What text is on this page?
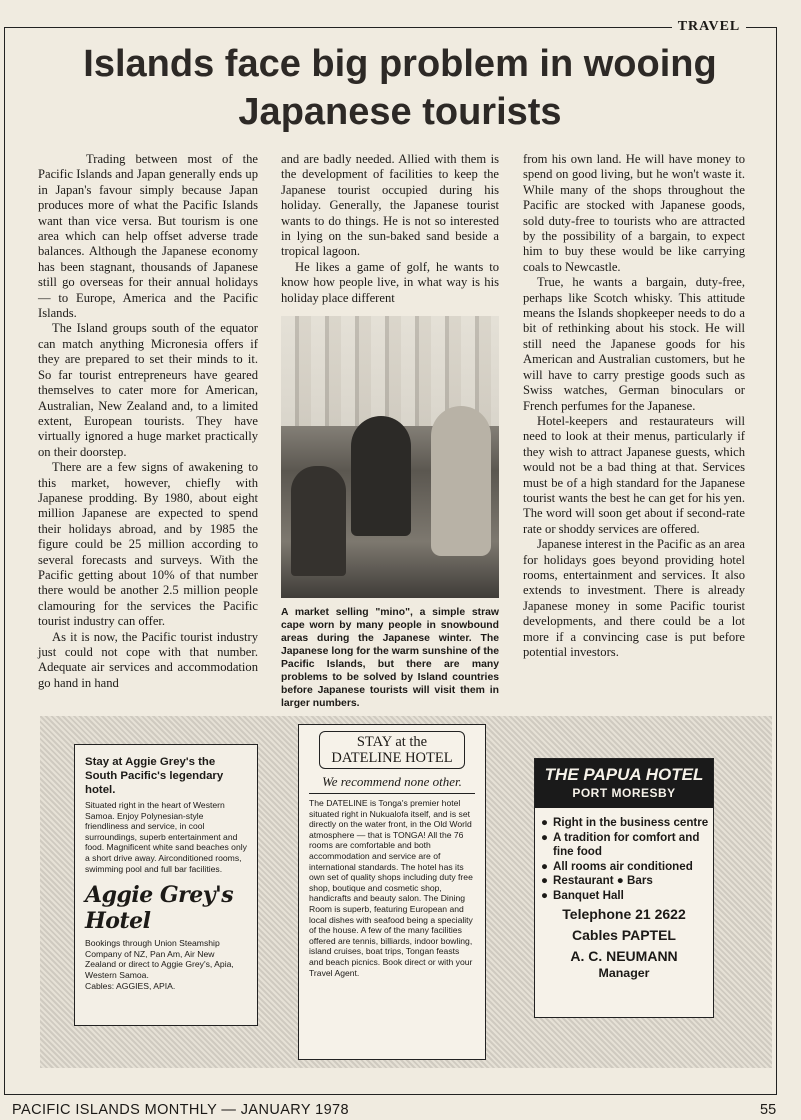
TRAVEL
Islands face big problem in wooing Japanese tourists

Trading between most of the Pacific Islands and Japan generally ends up in Japan's favour simply because Japan produces more of what the Pacific Islands want than vice versa. But tourism is one area which can help offset adverse trade balances. Although the Japanese economy has been stagnant, thousands of Japanese still go overseas for their annual holidays — to Europe, America and the Pacific Islands.

The Island groups south of the equator can match anything Micronesia offers if they are prepared to set their minds to it. So far tourist entrepreneurs have geared themselves to cater more for American, Australian, New Zealand and, to a limited extent, European tourists. They have virtually ignored a huge market practically on their doorstep.

There are a few signs of awakening to this market, however, chiefly with Japanese prodding. By 1980, about eight million Japanese are expected to spend their holidays abroad, and by 1985 the figure could be 25 million according to several forecasts and surveys. With the Pacific getting about 10% of that number there would be another 2.5 million people clamouring for the services the Pacific tourist industry can offer.

As it is now, the Pacific tourist industry just could not cope with that number. Adequate air services and accommodation go hand in hand

and are badly needed. Allied with them is the development of facilities to keep the Japanese tourist occupied during his holiday. Generally, the Japanese tourist wants to do things. He is not so interested in lying on the sun-baked sand beside a tropical lagoon.

He likes a game of golf, he wants to know how people live, in what way is his holiday place different

A market selling "mino", a simple straw cape worn by many people in snowbound areas during the Japanese winter. The Japanese long for the warm sunshine of the Pacific Islands, but there are many problems to be solved by Island countries before Japanese tourists will visit them in larger numbers.

from his own land. He will have money to spend on good living, but he won't waste it. While many of the shops throughout the Pacific are stocked with Japanese goods, sold duty-free to tourists who are attracted by the possibility of a bargain, to expect him to buy these would be like carrying coals to Newcastle.

True, he wants a bargain, duty-free, perhaps like Scotch whisky. This attitude means the Islands shopkeeper needs to do a bit of rethinking about his stock. He will still need the Japanese goods for his American and Australian customers, but he will have to carry prestige goods such as Swiss watches, German binoculars or French perfumes for the Japanese.

Hotel-keepers and restaurateurs will need to look at their menus, particularly if they wish to attract Japanese guests, which would not be a bad thing at that. Services must be of a high standard for the Japanese tourist wants the best he can get for his yen. The word will soon get about if second-rate rate or shoddy services are offered.

Japanese interest in the Pacific as an area for holidays goes beyond providing hotel rooms, entertainment and services. It also extends to investment. There is already Japanese money in some Pacific tourist developments, and there could be a lot more if a convincing case is put before potential investors.

Stay at Aggie Grey's the South Pacific's legendary hotel.
Situated right in the heart of Western Samoa. Enjoy Polynesian-style friendliness and service, in cool surroundings, superb entertainment and food. Magnificent white sand beaches only a short drive away. Airconditioned rooms, swimming pool and full bar facilities.
Aggie Grey's Hotel
Bookings through Union Steamship Company of NZ, Pan Am, Air New Zealand or direct to Aggie Grey's, Apia, Western Samoa.
Cables: AGGIES, APIA.
STAY at the
DATELINE HOTEL
We recommend none other.
The DATELINE is Tonga's premier hotel situated right in Nukualofa itself, and is set directly on the water front, in the Old World atmosphere — that is TONGA! All the 76 rooms are comfortable and both accommodation and service are of international standards. The hotel has its own set of quality shops including duty free shop, boutique and cosmetic shop, handicrafts and beauty salon. The Dining Room is superb, featuring European and local dishes with seafood being a speciality of the house. A few of the many facilities offered are tennis, billiards, indoor bowling, island cruises, boat trips, Tongan feasts and beach picnics. Book direct or with your Travel Agent.
THE PAPUA HOTEL
PORT MORESBY
● Right in the business centre
● A tradition for comfort and fine food
● All rooms air conditioned
● Restaurant ● Bars
● Banquet Hall
Telephone 21 2622
Cables PAPTEL
A. C. NEUMANN
Manager
PACIFIC ISLANDS MONTHLY — JANUARY 1978	55
